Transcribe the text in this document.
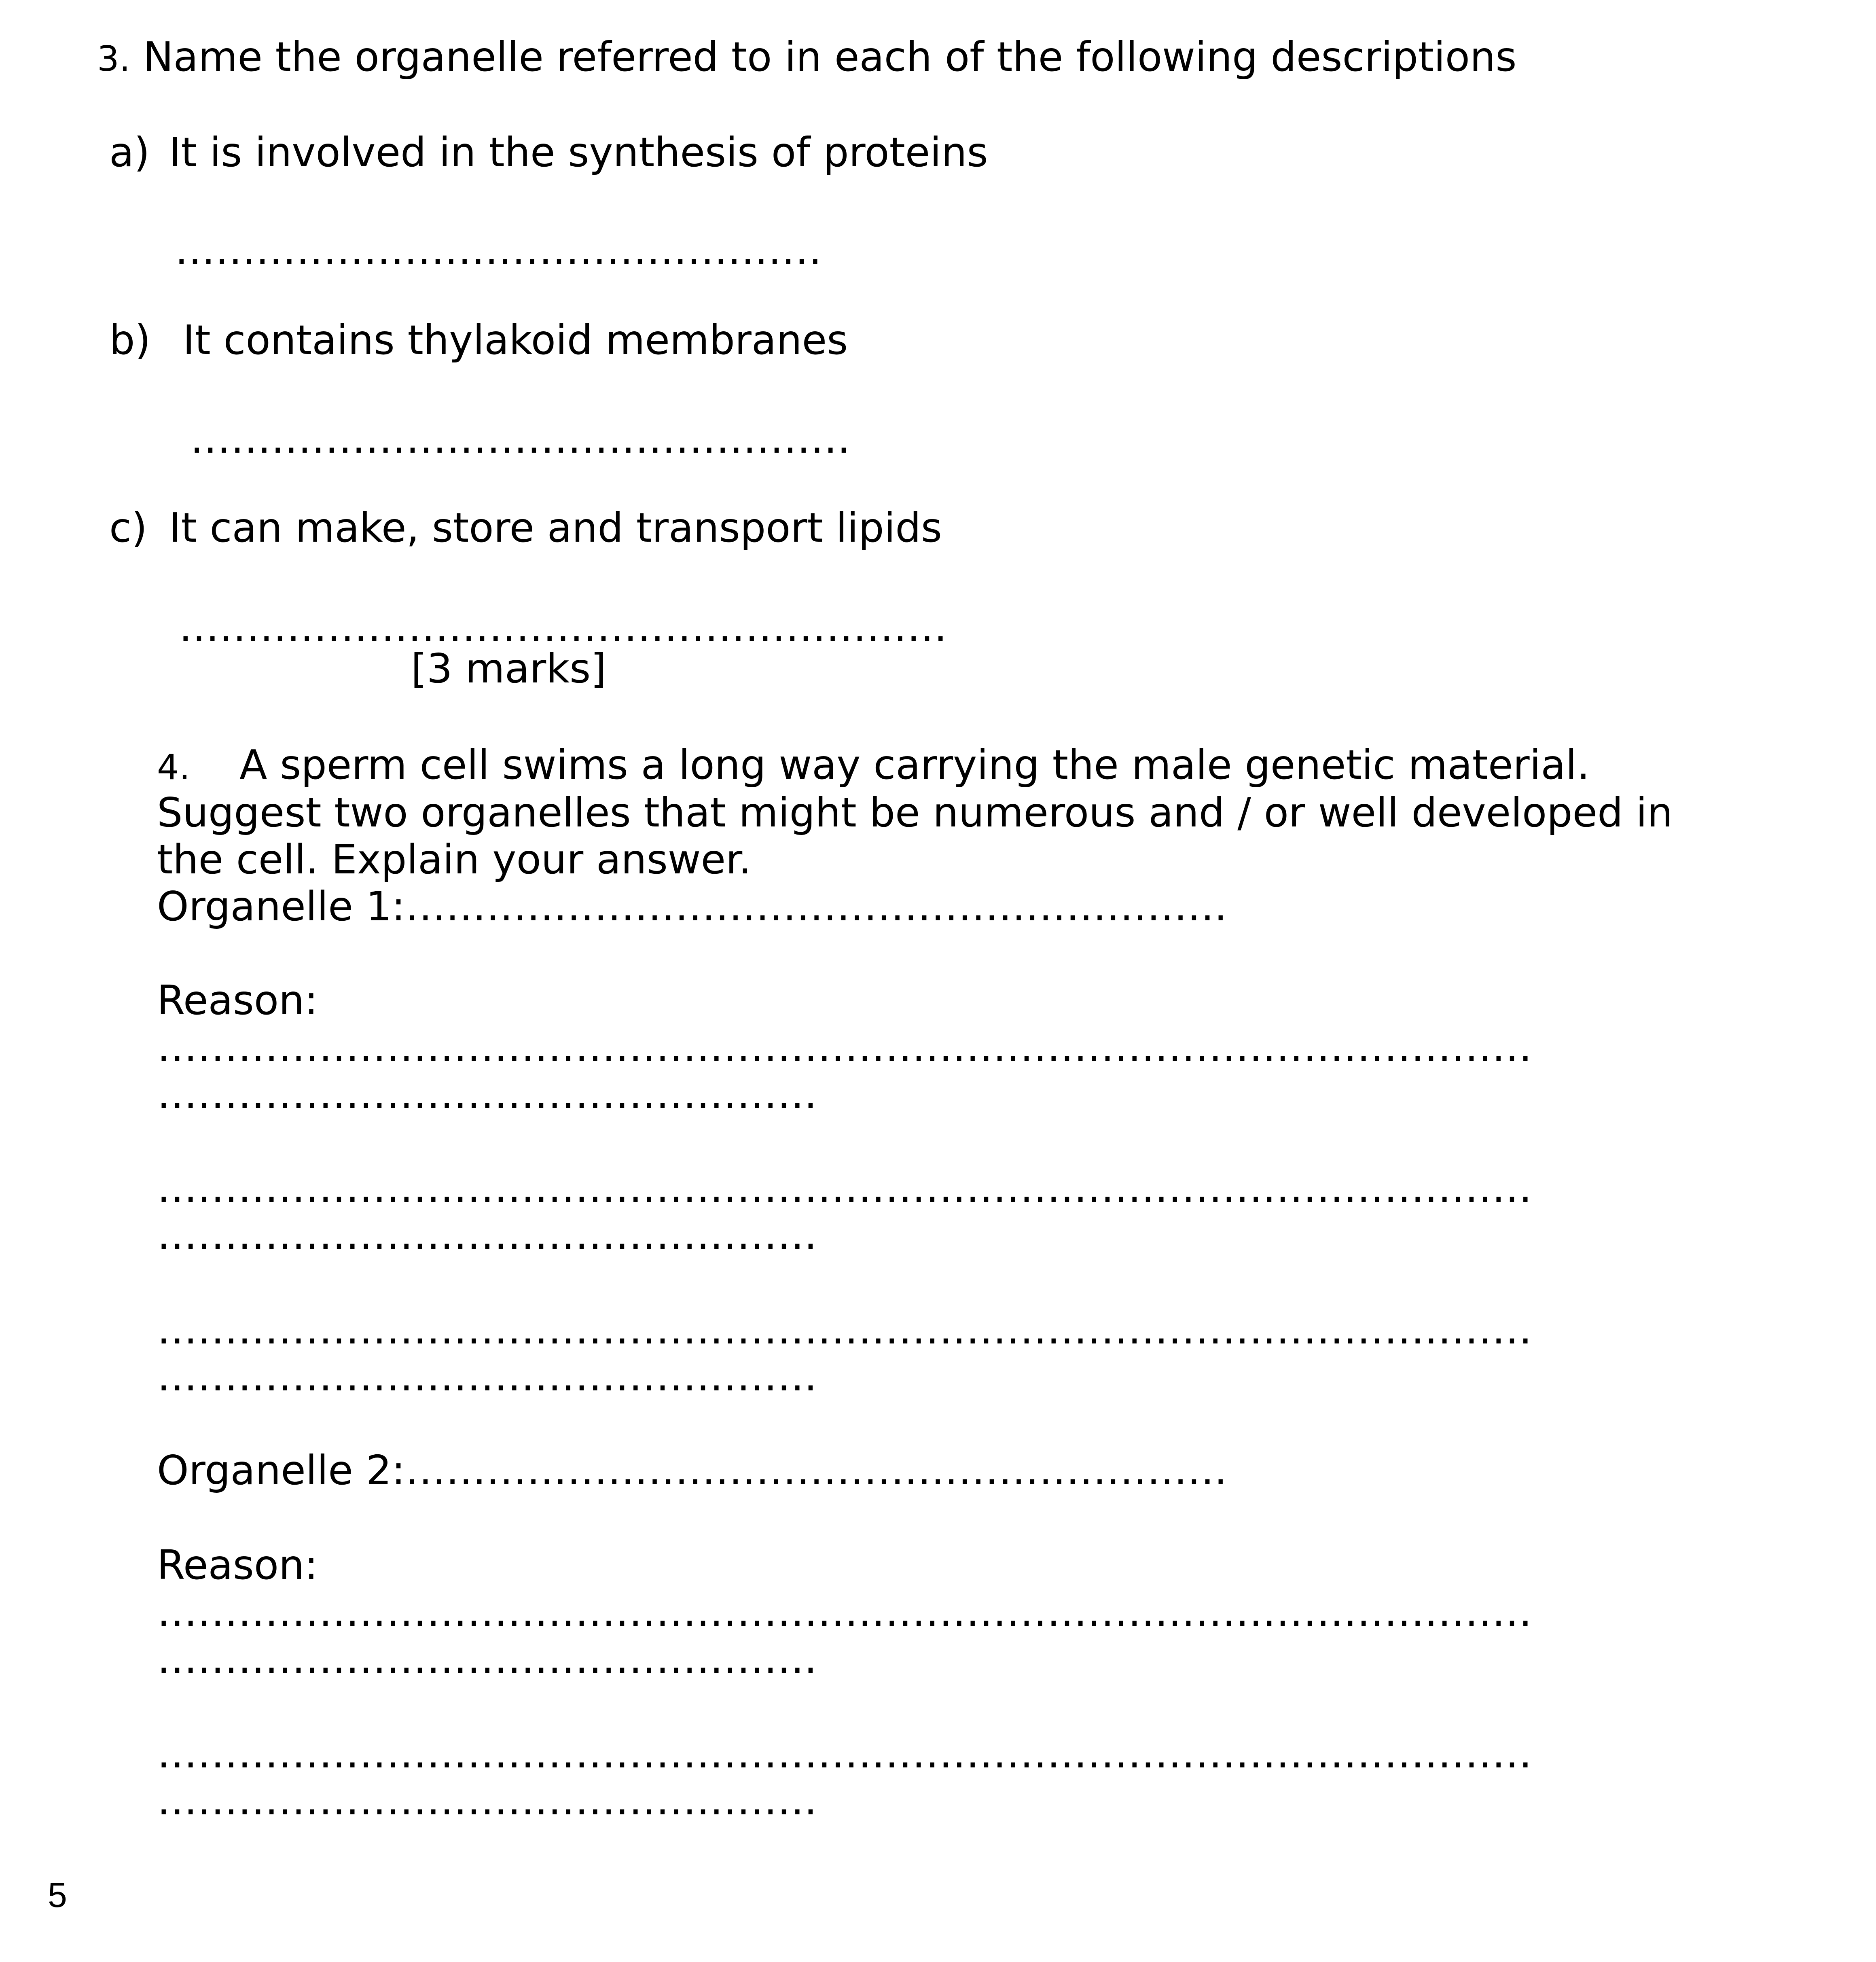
3. Name the organelle referred to in each of the following descriptions
a) It is involved in the synthesis of proteins
…………………………………………
b) It contains thylakoid membranes
………………………………………….
c) It can make, store and transport lipids
…………………………………………………
[3 marks]
4. A sperm cell swims a long way carrying the male genetic material.
Suggest two organelles that might be numerous and / or well developed in
the cell. Explain your answer.
Organelle 1:…………………………………………………….
Reason:
…………………………………………………………………………………………
………………………………………….
…………………………………………………………………………………………
………………………………………….
…………………………………………………………………………………………
………………………………………….
Organelle 2:…………………………………………………….
Reason:
…………………………………………………………………………………………
………………………………………….
…………………………………………………………………………………………
………………………………………….
5
